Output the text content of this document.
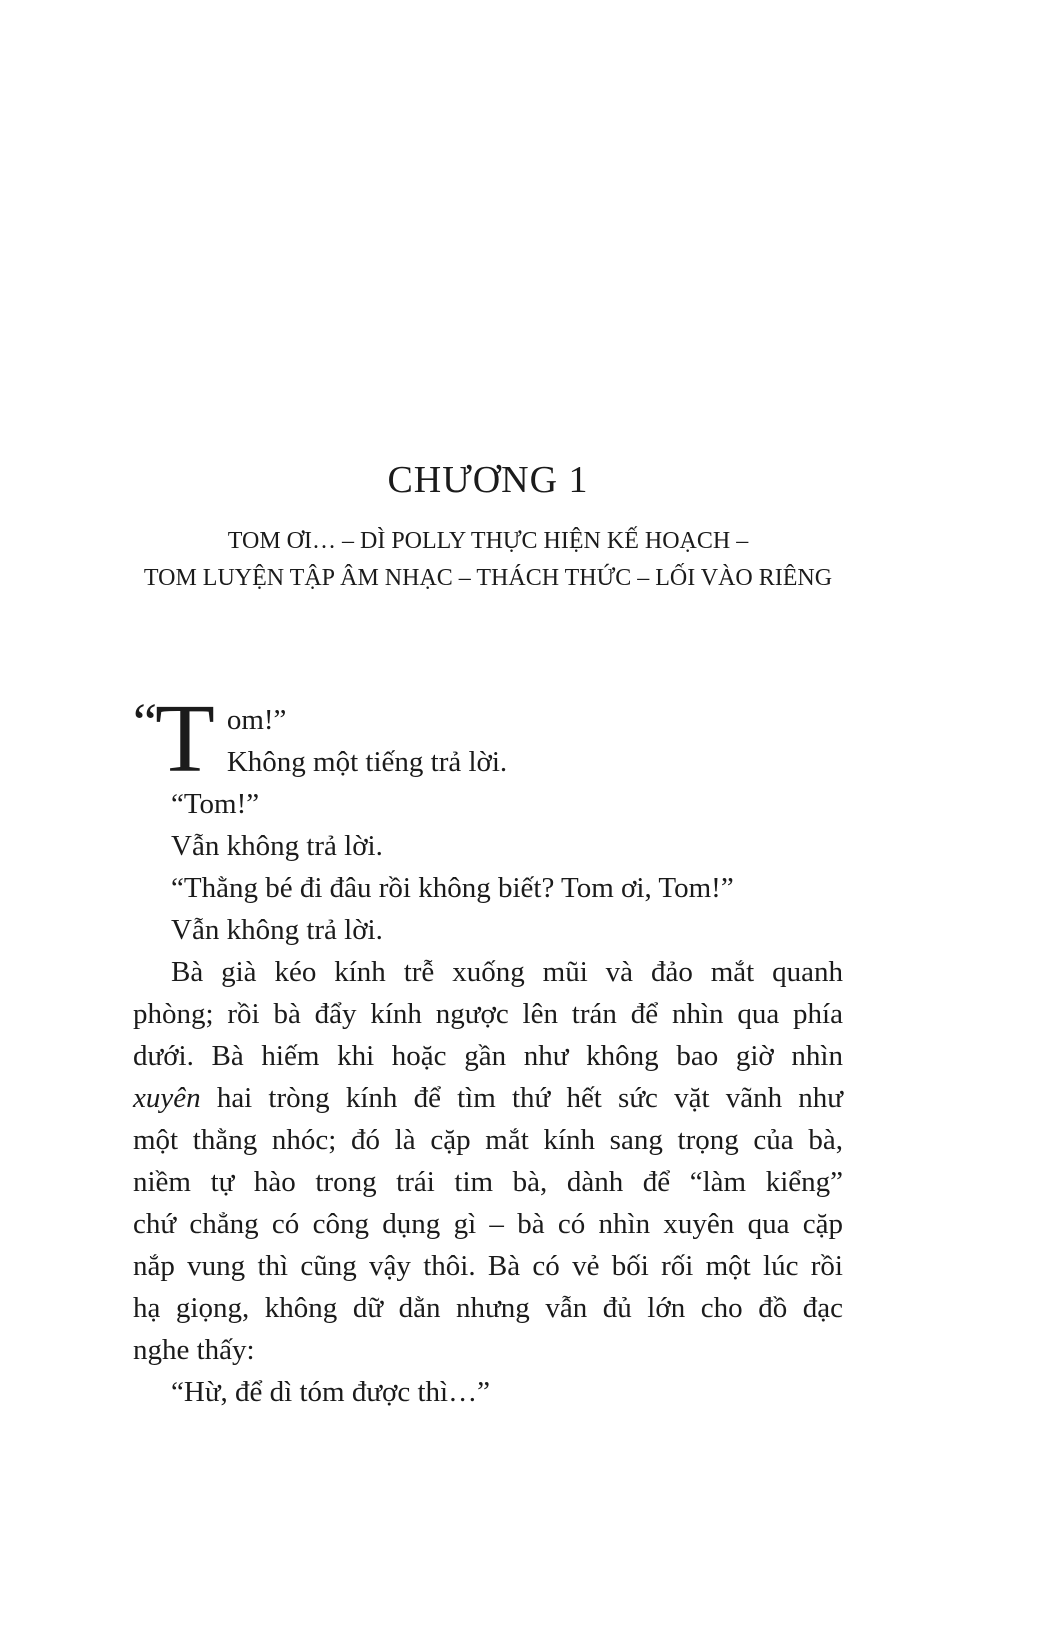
CHƯƠNG 1
TOM ƠI… – DÌ POLLY THỰC HIỆN KẾ HOẠCH –
TOM LUYỆN TẬP ÂM NHẠC – THÁCH THỨC – LỐI VÀO RIÊNG
“ T om!”
Không một tiếng trả lời.
“Tom!”
Vẫn không trả lời.
“Thằng bé đi đâu rồi không biết? Tom ơi, Tom!”
Vẫn không trả lời.
Bà già kéo kính trễ xuống mũi và đảo mắt quanh
phòng; rồi bà đẩy kính ngược lên trán để nhìn qua phía
dưới. Bà hiếm khi hoặc gần như không bao giờ nhìn
xuyên hai tròng kính để tìm thứ hết sức vặt vãnh như
một thằng nhóc; đó là cặp mắt kính sang trọng của bà,
niềm tự hào trong trái tim bà, dành để “làm kiểng”
chứ chẳng có công dụng gì – bà có nhìn xuyên qua cặp
nắp vung thì cũng vậy thôi. Bà có vẻ bối rối một lúc rồi
hạ giọng, không dữ dằn nhưng vẫn đủ lớn cho đồ đạc
nghe thấy:
“Hừ, để dì tóm được thì…”
